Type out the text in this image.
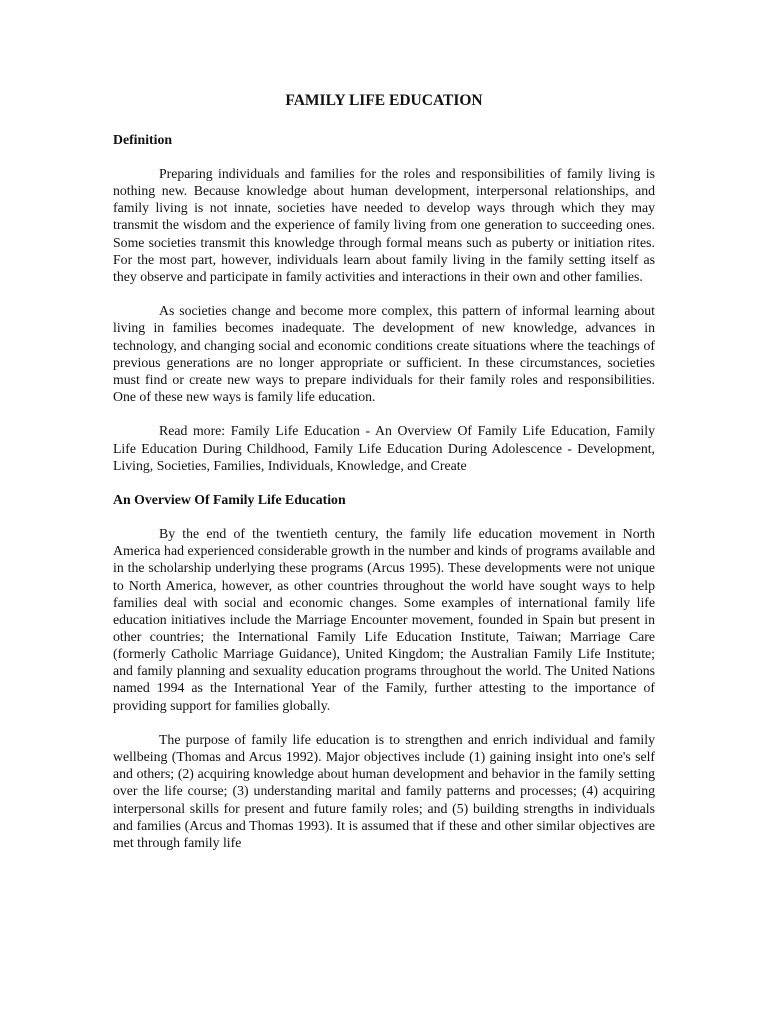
FAMILY LIFE EDUCATION
Definition

Preparing individuals and families for the roles and responsibilities of family living is nothing new. Because knowledge about human development, interpersonal relationships, and family living is not innate, societies have needed to develop ways through which they may transmit the wisdom and the experience of family living from one generation to succeeding ones. Some societies transmit this knowledge through formal means such as puberty or initiation rites. For the most part, however, individuals learn about family living in the family setting itself as they observe and participate in family activities and interactions in their own and other families.

As societies change and become more complex, this pattern of informal learning about living in families becomes inadequate. The development of new knowledge, advances in technology, and changing social and economic conditions create situations where the teachings of previous generations are no longer appropriate or sufficient. In these circumstances, societies must find or create new ways to prepare individuals for their family roles and responsibilities. One of these new ways is family life education.

Read more: Family Life Education - An Overview Of Family Life Education, Family Life Education During Childhood, Family Life Education During Adolescence - Development, Living, Societies, Families, Individuals, Knowledge, and Create

An Overview Of Family Life Education

By the end of the twentieth century, the family life education movement in North America had experienced considerable growth in the number and kinds of programs available and in the scholarship underlying these programs (Arcus 1995). These developments were not unique to North America, however, as other countries throughout the world have sought ways to help families deal with social and economic changes. Some examples of international family life education initiatives include the Marriage Encounter movement, founded in Spain but present in other countries; the International Family Life Education Institute, Taiwan; Marriage Care (formerly Catholic Marriage Guidance), United Kingdom; the Australian Family Life Institute; and family planning and sexuality education programs throughout the world. The United Nations named 1994 as the International Year of the Family, further attesting to the importance of providing support for families globally.

The purpose of family life education is to strengthen and enrich individual and family wellbeing (Thomas and Arcus 1992). Major objectives include (1) gaining insight into one's self and others; (2) acquiring knowledge about human development and behavior in the family setting over the life course; (3) understanding marital and family patterns and processes; (4) acquiring interpersonal skills for present and future family roles; and (5) building strengths in individuals and families (Arcus and Thomas 1993). It is assumed that if these and other similar objectives are met through family life
